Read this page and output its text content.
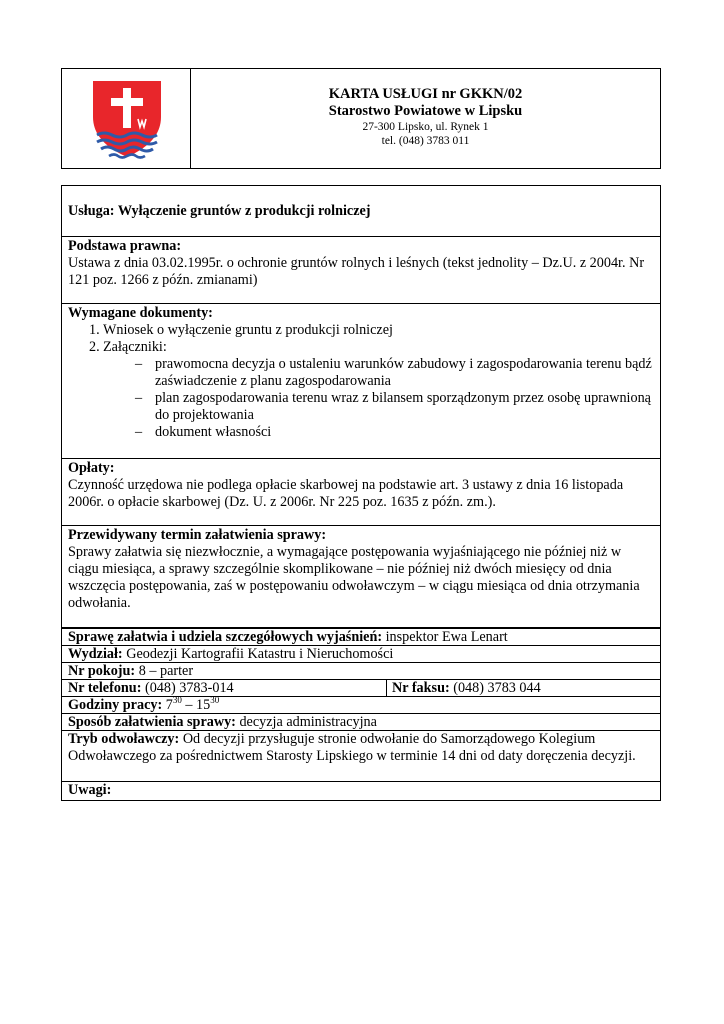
KARTA USŁUGI nr GKKN/02
Starostwo Powiatowe w Lipsku
27-300 Lipsko, ul. Rynek 1
tel. (048) 3783 011

Usługa: Wyłączenie gruntów z produkcji rolniczej

Podstawa prawna:

Ustawa z dnia 03.02.1995r. o ochronie gruntów rolnych i leśnych (tekst jednolity – Dz.U. z 2004r. Nr 121 poz. 1266 z późn. zmianami)

Wymagane dokumenty:

1. Wniosek o wyłączenie gruntu z produkcji rolniczej
2. Załączniki:
– prawomocna decyzja o ustaleniu warunków zabudowy i zagospodarowania terenu bądź zaświadczenie z planu zagospodarowania
– plan zagospodarowania terenu wraz z bilansem sporządzonym przez osobę uprawnioną do projektowania
– dokument własności

Opłaty:

Czynność urzędowa nie podlega opłacie skarbowej na podstawie art. 3 ustawy z dnia 16 listopada 2006r. o opłacie skarbowej (Dz. U. z 2006r. Nr 225 poz. 1635 z późn. zm.).

Przewidywany termin załatwienia sprawy:

Sprawy załatwia się niezwłocznie, a wymagające postępowania wyjaśniającego nie później niż w ciągu miesiąca, a sprawy szczególnie skomplikowane – nie później niż dwóch miesięcy od dnia wszczęcia postępowania, zaś w postępowaniu odwoławczym – w ciągu miesiąca od dnia otrzymania odwołania.

Sprawę załatwia i udziela szczegółowych wyjaśnień: inspektor Ewa Lenart
Wydział: Geodezji Kartografii Katastru i Nieruchomości
Nr pokoju: 8 – parter
Nr telefonu: (048) 3783-014	Nr faksu: (048) 3783 044
Godziny pracy: $7^{30} - 15^{30}$
Sposób załatwienia sprawy: decyzja administracyjna

Tryb odwoławczy: Od decyzji przysługuje stronie odwołanie do Samorządowego Kolegium Odwoławczego za pośrednictwem Starosty Lipskiego w terminie 14 dni od daty doręczenia decyzji.

Uwagi:
